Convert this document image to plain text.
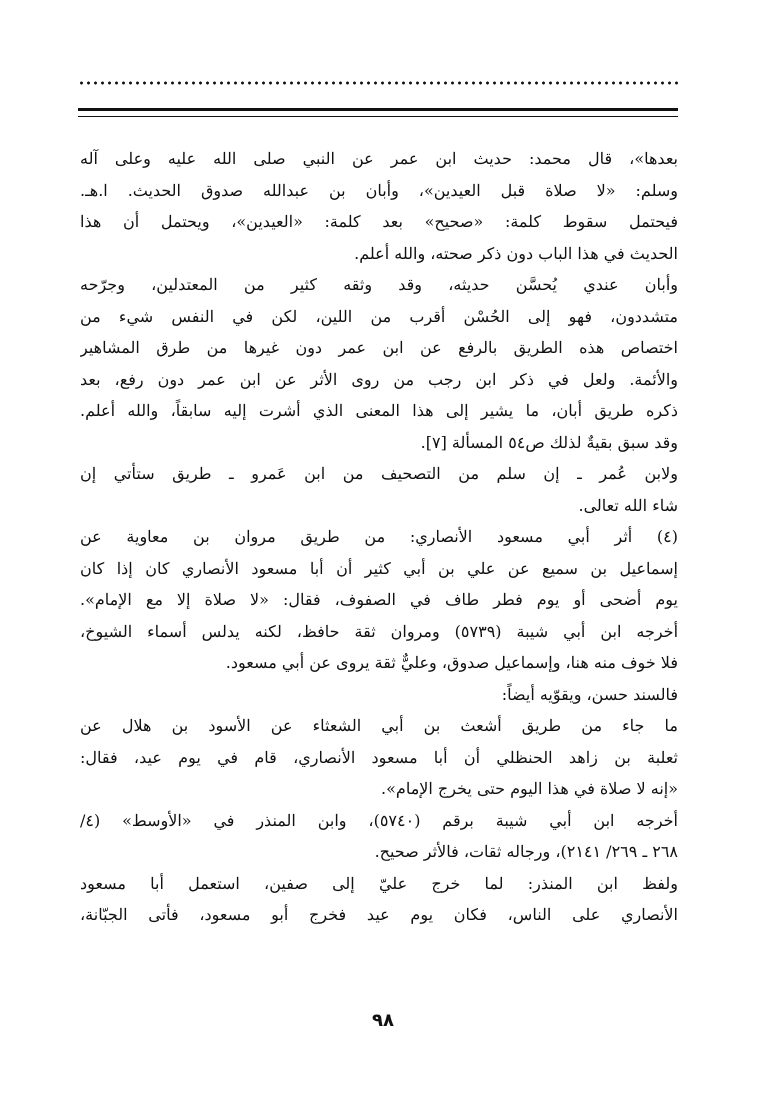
بعدها»، قال محمد: حديث ابن عمر عن النبي صلى الله عليه وعلى آله
وسلم: «لا صلاة قبل العيدين»، وأبان بن عبدالله صدوق الحديث. ا.هـ.
فيحتمل سقوط كلمة: «صحيح» بعد كلمة: «العيدين»، ويحتمل أن هذا
الحديث في هذا الباب دون ذكر صحته، والله أعلم.
وأبان عندي يُحسَّن حديثه، وقد وثقه كثير من المعتدلين، وجرّحه
متشددون، فهو إلى الحُسْن أقرب من اللين، لكن في النفس شيء من
اختصاص هذه الطريق بالرفع عن ابن عمر دون غيرها من طرق المشاهير
والأئمة. ولعل في ذكر ابن رجب من روى الأثر عن ابن عمر دون رفع، بعد
ذكره طريق أبان، ما يشير إلى هذا المعنى الذي أشرت إليه سابقاً، والله أعلم.
وقد سبق بقيةٌ لذلك ص٥٤ المسألة [٧].
ولابن عُمر ـ إن سلم من التصحيف من ابن عَمرو ـ طريق ستأتي إن
شاء الله تعالى.
(٤) أثر أبي مسعود الأنصاري: من طريق مروان بن معاوية عن
إسماعيل بن سميع عن علي بن أبي كثير أن أبا مسعود الأنصاري كان إذا كان
يوم أضحى أو يوم فطر طاف في الصفوف، فقال: «لا صلاة إلا مع الإمام».
أخرجه ابن أبي شيبة (٥٧٣٩) ومروان ثقة حافظ، لكنه يدلس أسماء الشيوخ،
فلا خوف منه هنا، وإسماعيل صدوق، وعليٌّ ثقة يروى عن أبي مسعود.
فالسند حسن، ويقوّيه أيضاً:
ما جاء من طريق أشعث بن أبي الشعثاء عن الأسود بن هلال عن
ثعلبة بن زاهد الحنظلي أن أبا مسعود الأنصاري، قام في يوم عيد، فقال:
«إنه لا صلاة في هذا اليوم حتى يخرج الإمام».
أخرجه ابن أبي شيبة برقم (٥٧٤٠)، وابن المنذر في «الأوسط» (٤/
٢٦٨ ـ ٢٦٩/ ٢١٤١)، ورجاله ثقات، فالأثر صحيح.
ولفظ ابن المنذر: لما خرج عليّ إلى صفين، استعمل أبا مسعود
الأنصاري على الناس، فكان يوم عيد فخرج أبو مسعود، فأتى الجبّانة،
٩٨
